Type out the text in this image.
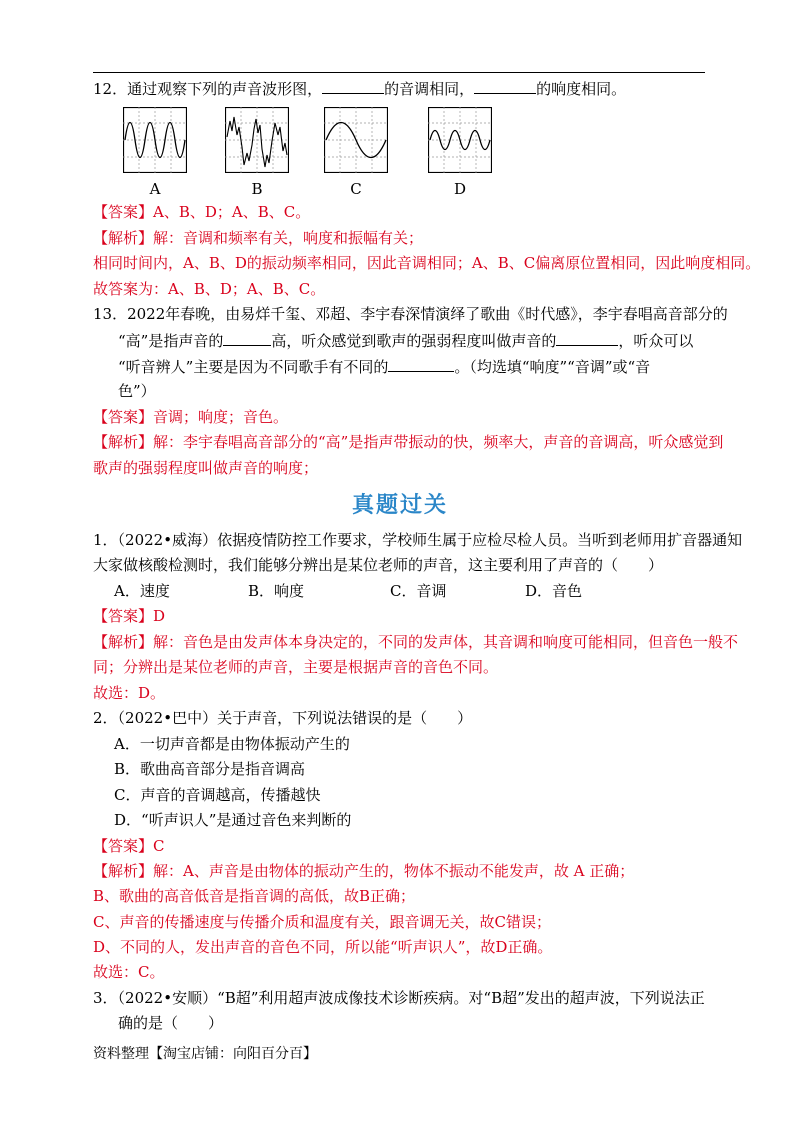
12．通过观察下列的声音波形图，	的音调相同，	的响度相同。
A	B	C	D
【答案】A、B、D；A、B、C。
【解析】解：音调和频率有关，响度和振幅有关；
相同时间内，A、B、D的振动频率相同，因此音调相同；A、B、C偏离原位置相同，因此响度相同。
故答案为：A、B、D；A、B、C。
13．2022年春晚，由易烊千玺、邓超、李宇春深情演绎了歌曲《时代感》，李宇春唱高音部分的
“高”是指声音的	高，听众感觉到歌声的强弱程度叫做声音的	，听众可以
“听音辨人”主要是因为不同歌手有不同的	。（均选填“响度”“音调”或“音
色”）
【答案】音调；响度；音色。
【解析】解：李宇春唱高音部分的“高”是指声带振动的快，频率大，声音的音调高，听众感觉到
歌声的强弱程度叫做声音的响度；
真题过关
1．（2022•威海）依据疫情防控工作要求，学校师生属于应检尽检人员。当听到老师用扩音器通知
大家做核酸检测时，我们能够分辨出是某位老师的声音，这主要利用了声音的（　　）
A．速度	B．响度	C．音调	D．音色
【答案】D
【解析】解：音色是由发声体本身决定的，不同的发声体，其音调和响度可能相同，但音色一般不
同；分辨出是某位老师的声音，主要是根据声音的音色不同。
故选：D。
2．（2022•巴中）关于声音，下列说法错误的是（　　）
A．一切声音都是由物体振动产生的
B．歌曲高音部分是指音调高
C．声音的音调越高，传播越快
D．“听声识人”是通过音色来判断的
【答案】C
【解析】解：A、声音是由物体的振动产生的，物体不振动不能发声，故 A 正确；
B、歌曲的高音低音是指音调的高低，故B正确；
C、声音的传播速度与传播介质和温度有关，跟音调无关，故C错误；
D、不同的人，发出声音的音色不同，所以能“听声识人”，故D正确。
故选：C。
3．（2022•安顺）“B超”利用超声波成像技术诊断疾病。对“B超”发出的超声波，下列说法正
确的是（　　）
资料整理【淘宝店铺：向阳百分百】
